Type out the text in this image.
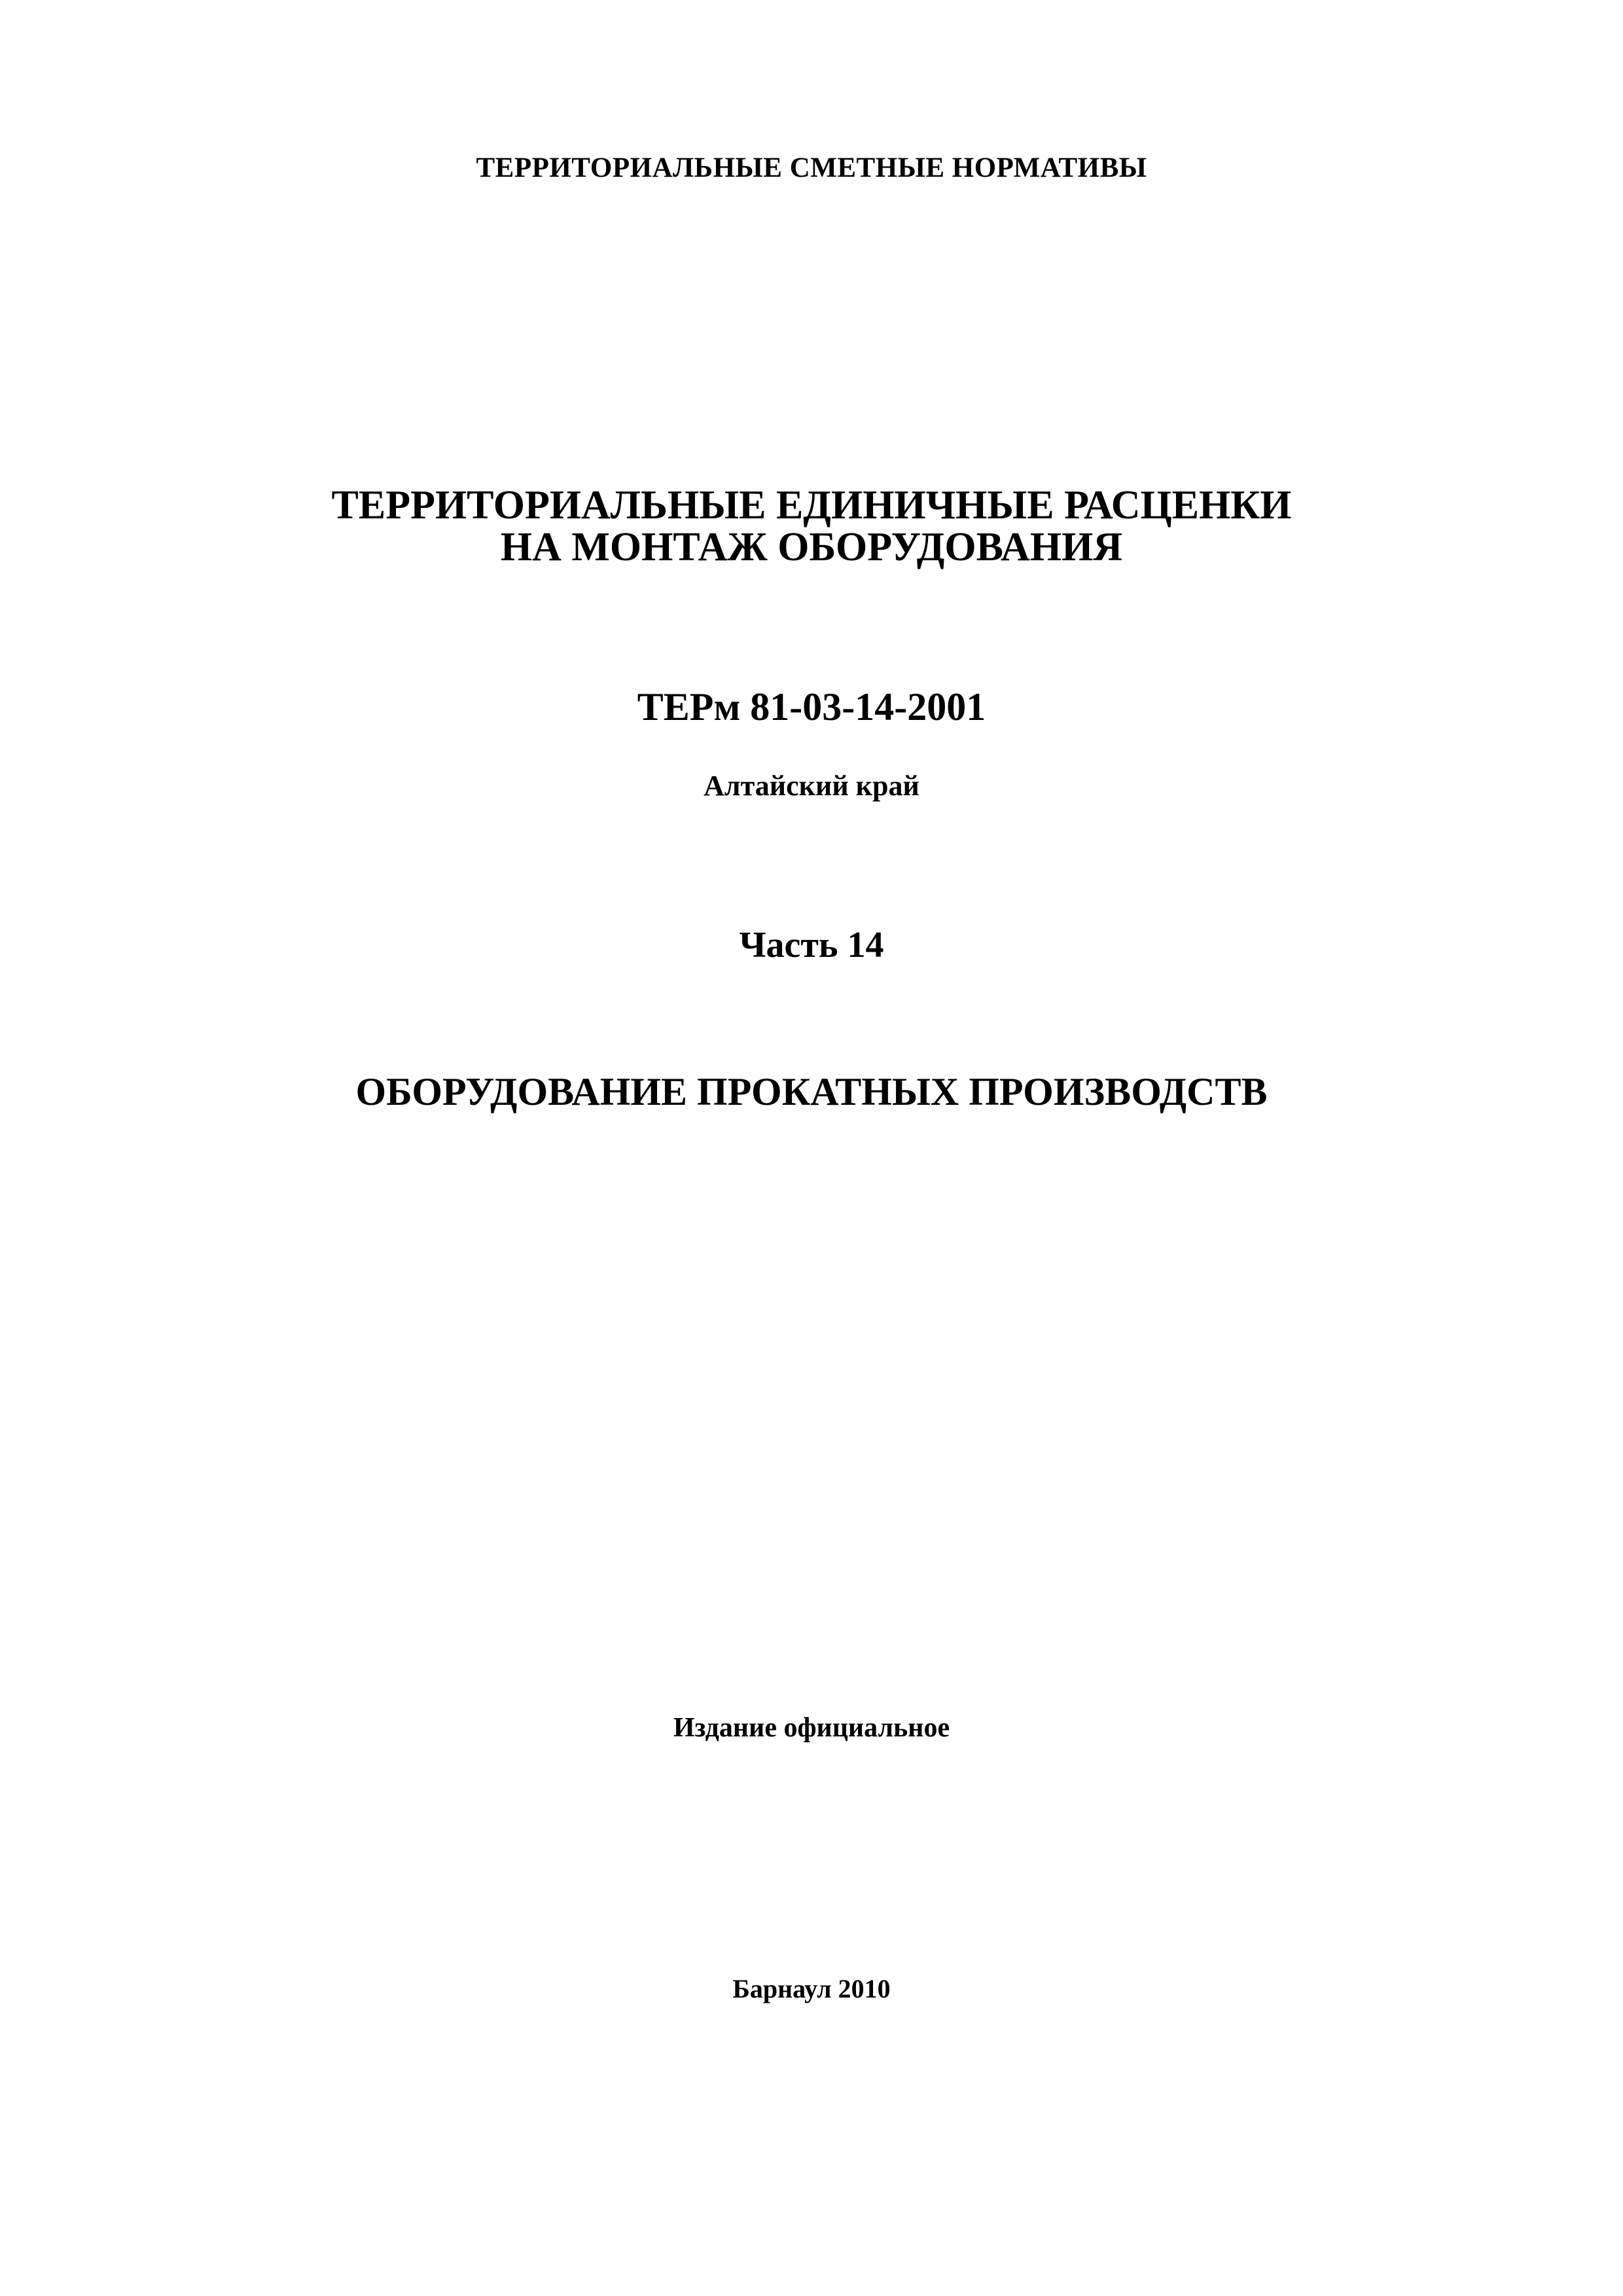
ТЕРРИТОРИАЛЬНЫЕ СМЕТНЫЕ НОРМАТИВЫ
ТЕРРИТОРИАЛЬНЫЕ ЕДИНИЧНЫЕ РАСЦЕНКИ
НА МОНТАЖ ОБОРУДОВАНИЯ
ТЕРм 81-03-14-2001
Алтайский край
Часть 14
ОБОРУДОВАНИЕ ПРОКАТНЫХ ПРОИЗВОДСТВ
Издание официальное
Барнаул 2010
